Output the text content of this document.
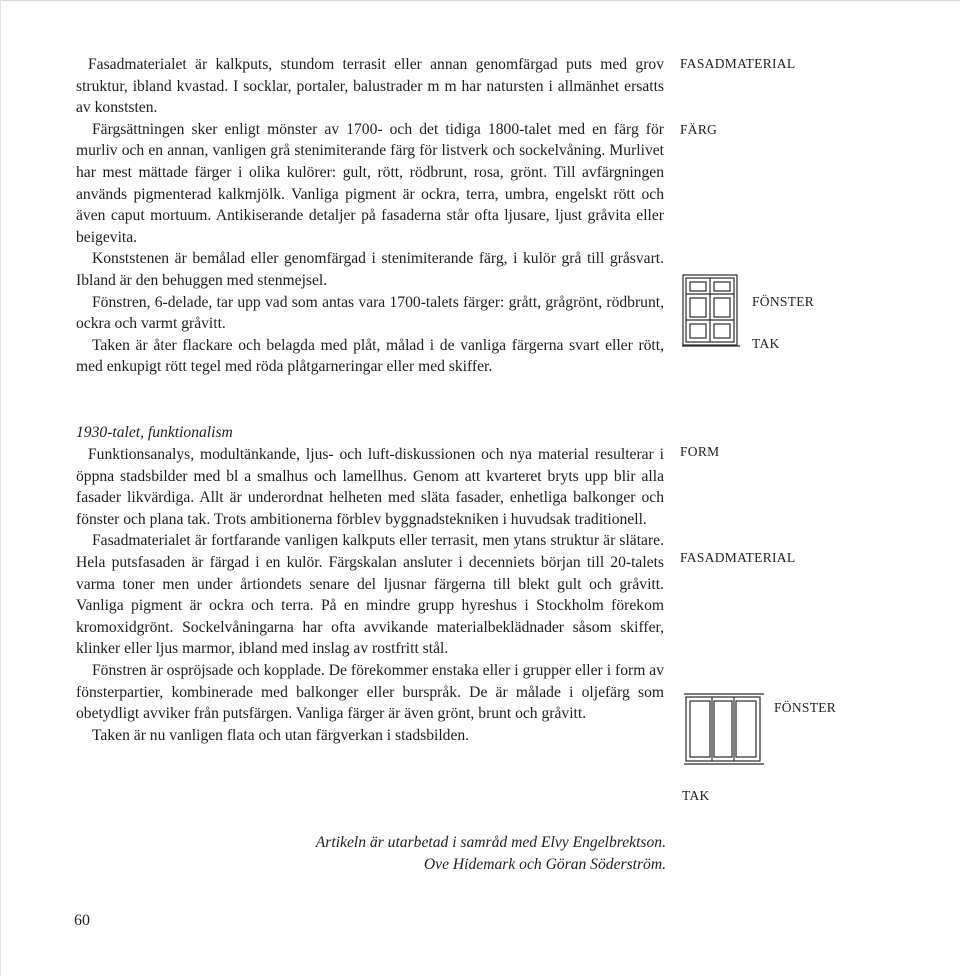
Fasadmaterialet är kalkputs, stundom terrasit eller annan genomfärgad puts med grov struktur, ibland kvastad. I socklar, portaler, balustrader m m har natursten i allmänhet ersatts av konststen.

Färgsättningen sker enligt mönster av 1700- och det tidiga 1800-talet med en färg för murliv och en annan, vanligen grå stenimiterande färg för listverk och sockelvåning. Murlivet har mest mättade färger i olika kulörer: gult, rött, rödbrunt, rosa, grönt. Till avfärgningen används pigmenterad kalkmjölk. Vanliga pigment är ockra, terra, umbra, engelskt rött och även caput mortuum. Antikiserande detaljer på fasaderna står ofta ljusare, ljust gråvita eller beigevita.

Konststenen är bemålad eller genomfärgad i stenimiterande färg, i kulör grå till gråsvart. Ibland är den behuggen med stenmejsel.

Fönstren, 6-delade, tar upp vad som antas vara 1700-talets färger: grått, grågrönt, rödbrunt, ockra och varmt gråvitt.

Taken är åter flackare och belagda med plåt, målad i de vanliga färgerna svart eller rött, med enkupigt rött tegel med röda plåtgarneringar eller med skiffer.

FASADMATERIAL
FÄRG
FÖNSTER
TAK
1930-talet, funktionalism

Funktionsanalys, modultänkande, ljus- och luft-diskussionen och nya material resulterar i öppna stadsbilder med bl a smalhus och lamellhus. Genom att kvarteret bryts upp blir alla fasader likvärdiga. Allt är underordnat helheten med släta fasader, enhetliga balkonger och fönster och plana tak. Trots ambitionerna förblev byggnadstekniken i huvudsak traditionell.

Fasadmaterialet är fortfarande vanligen kalkputs eller terrasit, men ytans struktur är slätare. Hela putsfasaden är färgad i en kulör. Färgskalan ansluter i decenniets början till 20-talets varma toner men under årtiondets senare del ljusnar färgerna till blekt gult och gråvitt. Vanliga pigment är ockra och terra. På en mindre grupp hyreshus i Stockholm förekom kromoxidgrönt. Sockelvåningarna har ofta avvikande materialbeklädnader såsom skiffer, klinker eller ljus marmor, ibland med inslag av rostfritt stål.

Fönstren är ospröjsade och kopplade. De förekommer enstaka eller i grupper eller i form av fönsterpartier, kombinerade med balkonger eller burspråk. De är målade i oljefärg som obetydligt avviker från putsfärgen. Vanliga färger är även grönt, brunt och gråvitt.

Taken är nu vanligen flata och utan färgverkan i stadsbilden.

FORM
FASADMATERIAL
FÖNSTER
TAK
Artikeln är utarbetad i samråd med Elvy Engelbrektson.
Ove Hidemark och Göran Söderström.
60
